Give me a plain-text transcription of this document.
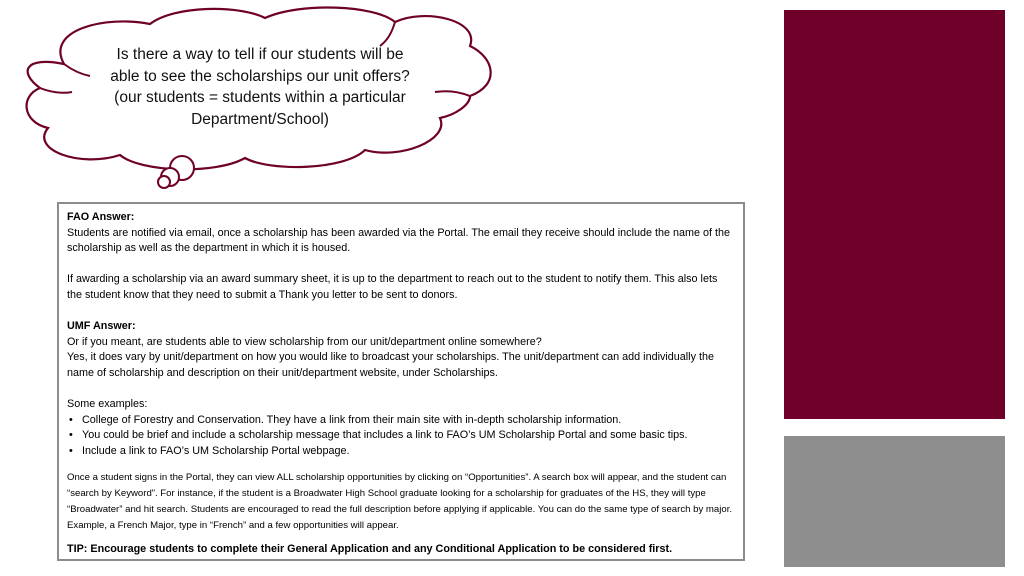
Is there a way to tell if our students will be able to see the scholarships our unit offers? (our students = students within a particular Department/School)

FAO Answer:

Students are notified via email, once a scholarship has been awarded via the Portal. The email they receive should include the name of the scholarship as well as the department in which it is housed.

If awarding a scholarship via an award summary sheet, it is up to the department to reach out to the student to notify them. This also lets the student know that they need to submit a Thank you letter to be sent to donors.

UMF Answer:

Or if you meant, are students able to view scholarship from our unit/department online somewhere?

Yes, it does vary by unit/department on how you would like to broadcast your scholarships. The unit/department can add individually the name of scholarship and description on their unit/department website, under Scholarships.

Some examples:

• College of Forestry and Conservation. They have a link from their main site with in-depth scholarship information.
• You could be brief and include a scholarship message that includes a link to FAO’s UM Scholarship Portal and some basic tips.
• Include a link to FAO’s UM Scholarship Portal webpage.

Once a student signs in the Portal, they can view ALL scholarship opportunities by clicking on “Opportunities”. A search box will appear, and the student can “search by Keyword”. For instance, if the student is a Broadwater High School graduate looking for a scholarship for graduates of the HS, they will type “Broadwater” and hit search. Students are encouraged to read the full description before applying if applicable. You can do the same type of search by major. Example, a French Major, type in “French” and a few opportunities will appear.

TIP: Encourage students to complete their General Application and any Conditional Application to be considered first.
